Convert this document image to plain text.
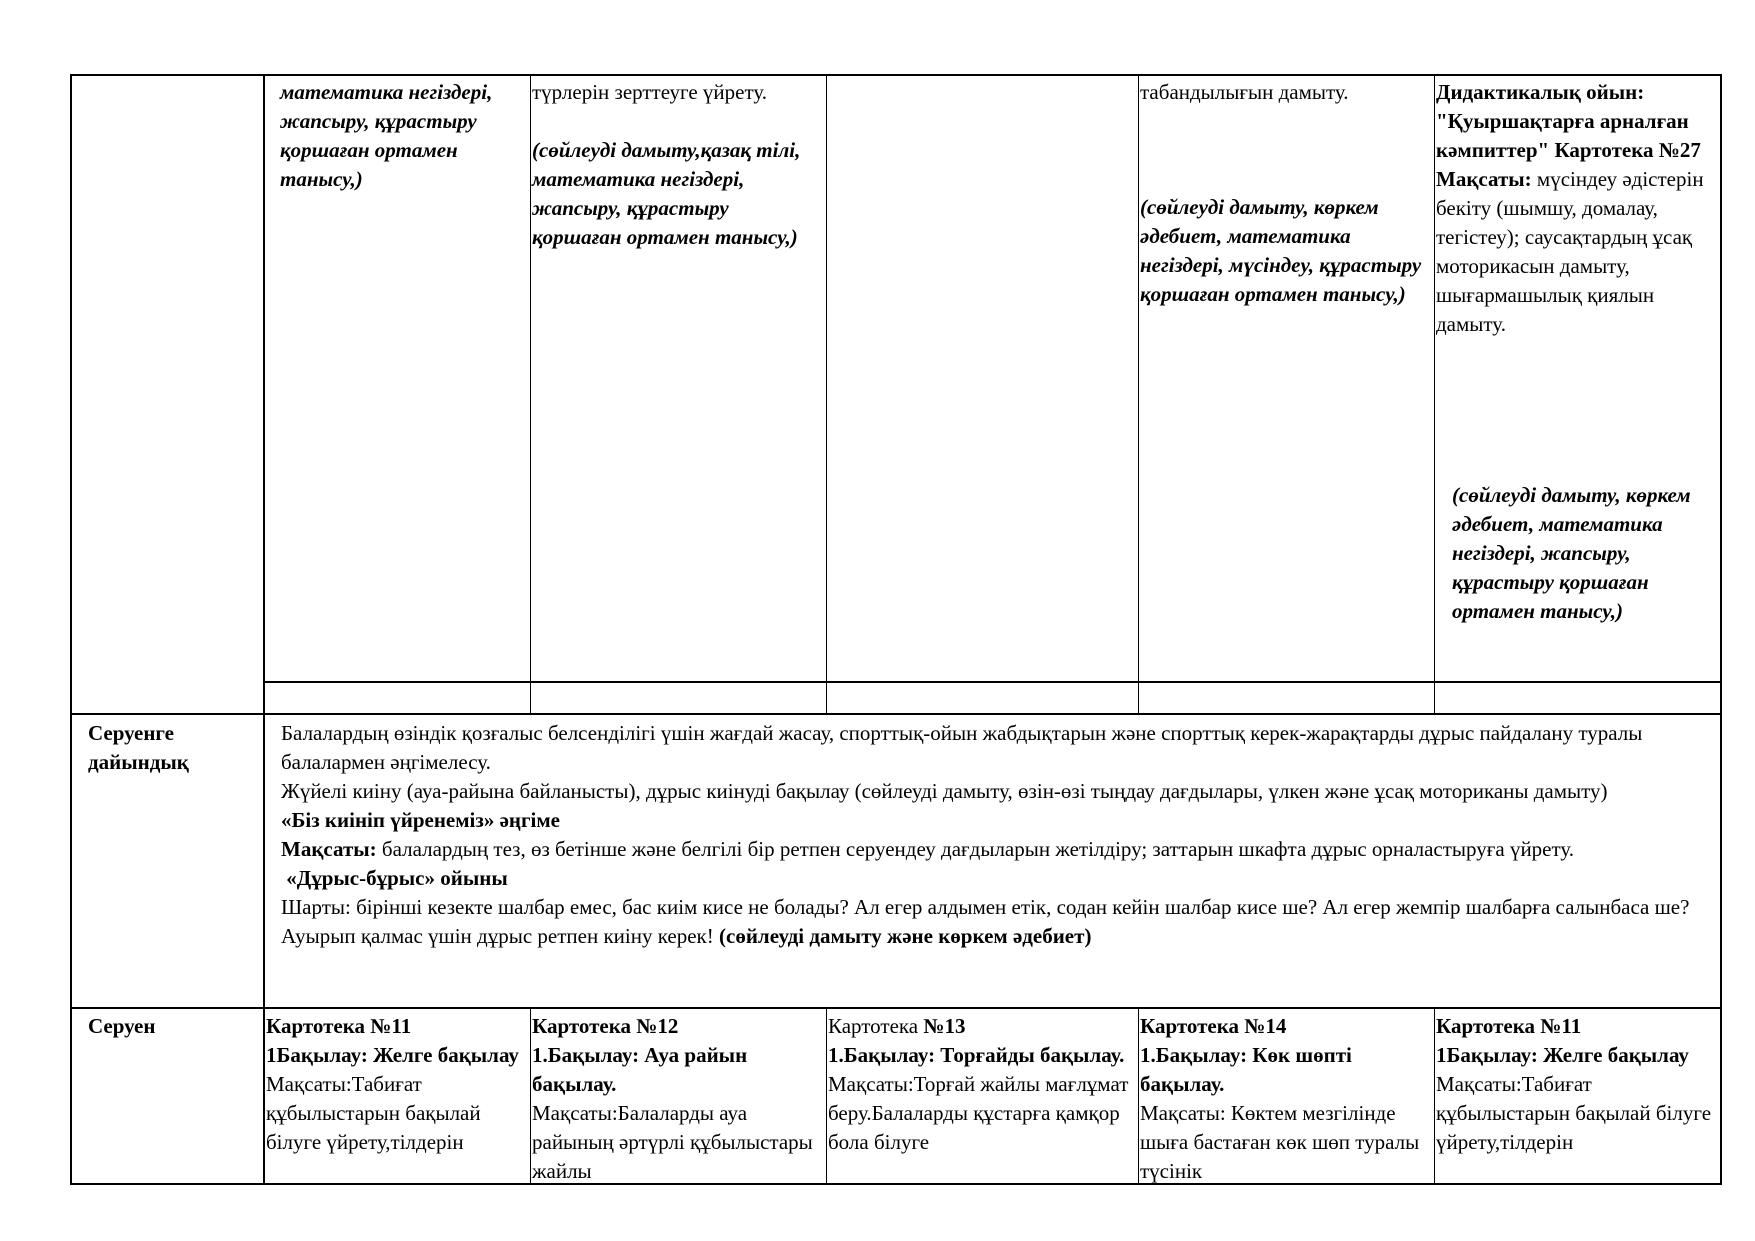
математика негіздері, жапсыру, құрастыру қоршаған ортамен танысу,)
түрлерін зерттеуге үйрету.
(сөйлеуді дамыту,қазақ тілі, математика негіздері, жапсыру, құрастыру қоршаған ортамен танысу,)
табандылығын дамыту.
(сөйлеуді дамыту, көркем әдебиет, математика негіздері, мүсіндеу, құрастыру қоршаған ортамен танысу,)
Дидактикалық ойын: "Қуыршақтарға арналған кәмпиттер" Картотека №27
Мақсаты: мүсіндеу әдістерін бекіту (шымшу, домалау, тегістеу); саусақтардың ұсақ моторикасын дамыту, шығармашылық қиялын дамыту.
(сөйлеуді дамыту, көркем әдебиет, математика негіздері, жапсыру, құрастыру қоршаған ортамен танысу,)
Серуенге дайындық
Балалардың өзіндік қозғалыс белсенділігі үшін жағдай жасау, спорттық-ойын жабдықтарын және спорттық керек-жарақтарды дұрыс пайдалану туралы балалармен әңгімелесу.
Жүйелі киіну (ауа-райына байланысты), дұрыс киінуді бақылау (сөйлеуді дамыту, өзін-өзі тыңдау дағдылары, үлкен және ұсақ моториканы дамыту)
«Біз киініп үйренеміз» әңгіме
Мақсаты: балалардың тез, өз бетінше және белгілі бір ретпен серуендеу дағдыларын жетілдіру; заттарын шкафта дұрыс орналастыруға үйрету.
«Дұрыс-бұрыс» ойыны
Шарты: бірінші кезекте шалбар емес, бас киім кисе не болады? Ал егер алдымен етік, содан кейін шалбар кисе ше? Ал егер жемпір шалбарға салынбаса ше? Ауырып қалмас үшін дұрыс ретпен киіну керек! (сөйлеуді дамыту және көркем әдебиет)
Серуен	Картотека №11
1Бақылау: Желге бақылау
Мақсаты:Табиғат құбылыстарын бақылай білуге үйрету,тілдерін
Картотека №12
1.Бақылау: Ауа райын бақылау.
Мақсаты:Балаларды ауа райының әртүрлі құбылыстары жайлы
Картотека №13
1.Бақылау: Торғайды бақылау.
Мақсаты:Торғай жайлы мағлұмат беру.Балаларды құстарға қамқор бола білуге
Картотека №14
1.Бақылау: Көк шөпті бақылау.
Мақсаты: Көктем мезгілінде шыға бастаған көк шөп туралы түсінік
Картотека №11
1Бақылау: Желге бақылау
Мақсаты:Табиғат құбылыстарын бақылай білуге үйрету,тілдерін
